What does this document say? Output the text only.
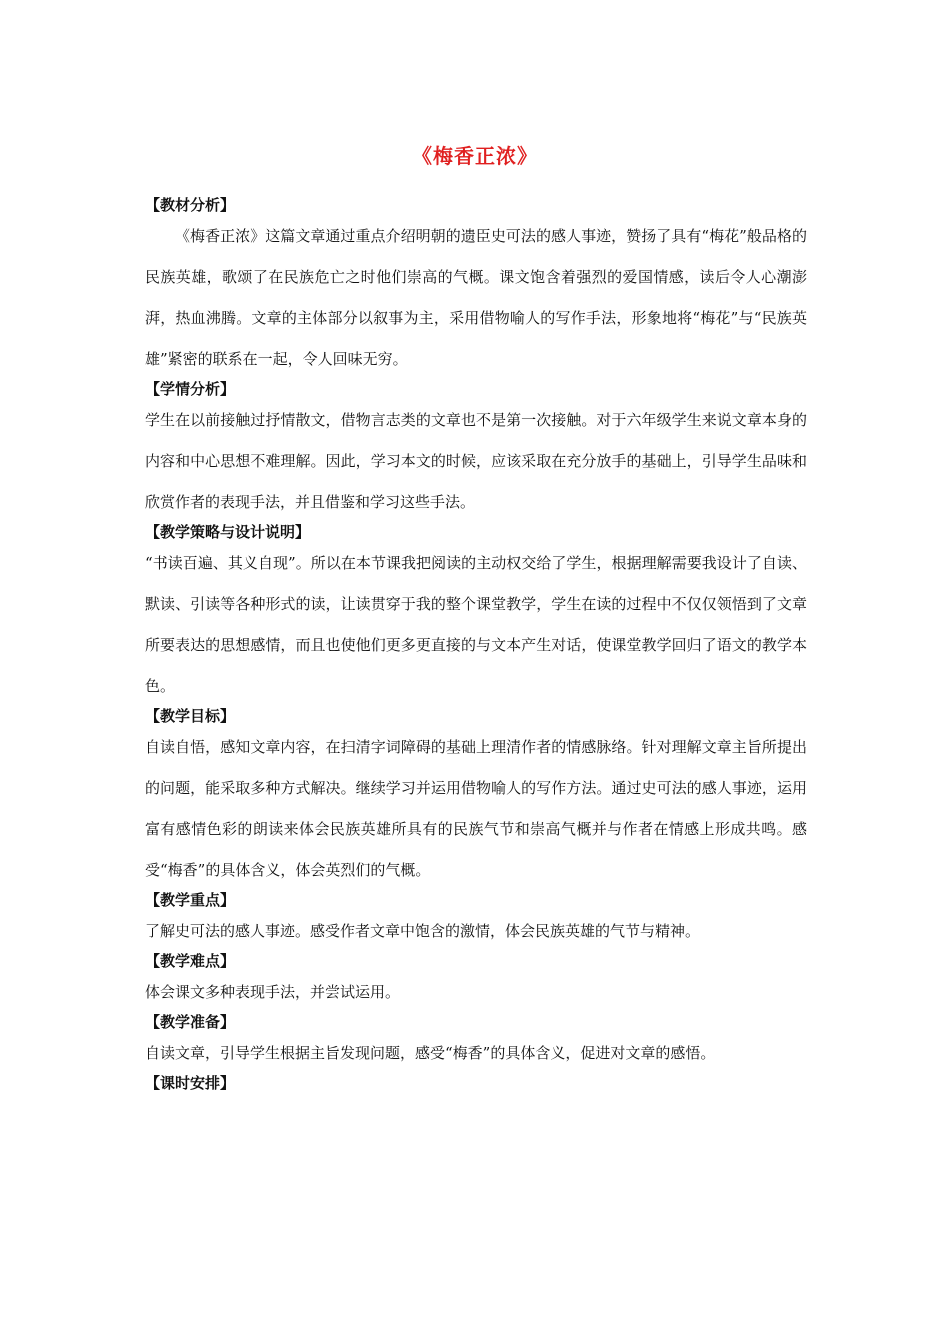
《梅香正浓》
【教材分析】

《梅香正浓》这篇文章通过重点介绍明朝的遗臣史可法的感人事迹，赞扬了具有“梅花”般品格的民族英雄，歌颂了在民族危亡之时他们崇高的气概。课文饱含着强烈的爱国情感，读后令人心潮澎湃，热血沸腾。文章的主体部分以叙事为主，采用借物喻人的写作手法，形象地将“梅花”与“民族英雄”紧密的联系在一起，令人回味无穷。

【学情分析】

学生在以前接触过抒情散文，借物言志类的文章也不是第一次接触。对于六年级学生来说文章本身的内容和中心思想不难理解。因此，学习本文的时候，应该采取在充分放手的基础上，引导学生品味和欣赏作者的表现手法，并且借鉴和学习这些手法。

【教学策略与设计说明】

“书读百遍、其义自现”。所以在本节课我把阅读的主动权交给了学生，根据理解需要我设计了自读、默读、引读等各种形式的读，让读贯穿于我的整个课堂教学，学生在读的过程中不仅仅领悟到了文章所要表达的思想感情，而且也使他们更多更直接的与文本产生对话，使课堂教学回归了语文的教学本色。

【教学目标】

自读自悟，感知文章内容，在扫清字词障碍的基础上理清作者的情感脉络。针对理解文章主旨所提出的问题，能采取多种方式解决。继续学习并运用借物喻人的写作方法。通过史可法的感人事迹，运用富有感情色彩的朗读来体会民族英雄所具有的民族气节和崇高气概并与作者在情感上形成共鸣。感受“梅香”的具体含义，体会英烈们的气概。

【教学重点】

了解史可法的感人事迹。感受作者文章中饱含的激情，体会民族英雄的气节与精神。

【教学难点】

体会课文多种表现手法，并尝试运用。

【教学准备】

自读文章，引导学生根据主旨发现问题，感受“梅香”的具体含义，促进对文章的感悟。

【课时安排】
